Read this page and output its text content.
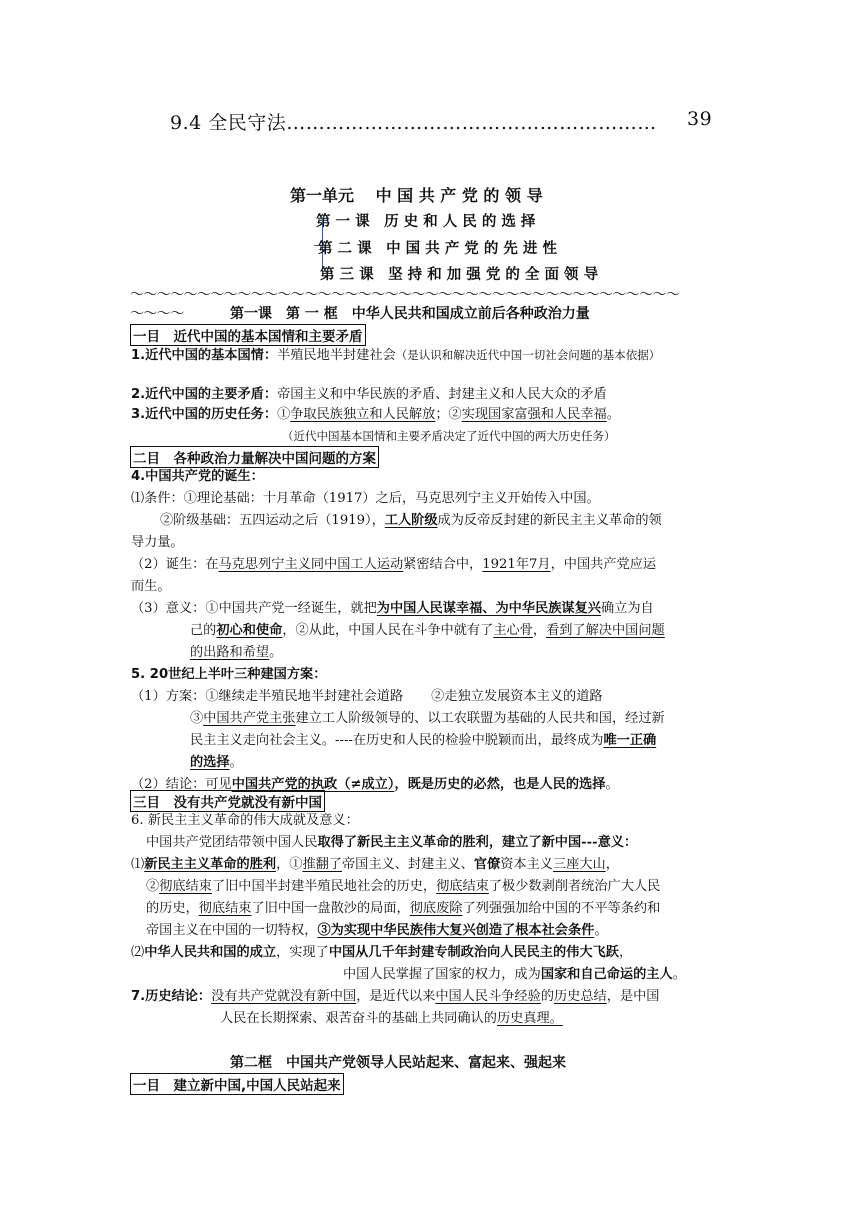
9.4 全民守法………………………………………………… 39
第一单元　 中 国 共 产 党 的 领 导
第 一 课　历 史 和 人 民 的 选 择
第 二 课　中 国 共 产 党 的 先 进 性
第 三 课　坚 持 和 加 强 党 的 全 面 领 导
～～～～～～～～～～～～～～～～～～～～～～～～～～～～～～～～～～～～～～～～～
～～～～	第一课　第 一 框　中华人民共和国成立前后各种政治力量
一目　近代中国的基本国情和主要矛盾
1.近代中国的基本国情：半殖民地半封建社会（是认识和解决近代中国一切社会问题的基本依据）
2.近代中国的主要矛盾：帝国主义和中华民族的矛盾、封建主义和人民大众的矛盾
3.近代中国的历史任务：①争取民族独立和人民解放；②实现国家富强和人民幸福。
（近代中国基本国情和主要矛盾决定了近代中国的两大历史任务）
二目　各种政治力量解决中国问题的方案
4.中国共产党的诞生：
⑴条件：①理论基础：十月革命（1917）之后，马克思列宁主义开始传入中国。
②阶级基础：五四运动之后（1919），工人阶级成为反帝反封建的新民主主义革命的领
导力量。
（2）诞生：在马克思列宁主义同中国工人运动紧密结合中，1921年7月，中国共产党应运
而生。
（3）意义：①中国共产党一经诞生，就把为中国人民谋幸福、为中华民族谋复兴确立为自
己的初心和使命，②从此，中国人民在斗争中就有了主心骨，看到了解决中国问题
的出路和希望。
5. 20世纪上半叶三种建国方案：
（1）方案：①继续走半殖民地半封建社会道路 ②走独立发展资本主义的道路
③中国共产党主张建立工人阶级领导的、以工农联盟为基础的人民共和国，经过新
民主主义走向社会主义。----在历史和人民的检验中脱颖而出，最终成为唯一正确
的选择。
（2）结论：可见中国共产党的执政（≠成立），既是历史的必然，也是人民的选择。
三目　没有共产党就没有新中国
6. 新民主主义革命的伟大成就及意义：
中国共产党团结带领中国人民取得了新民主主义革命的胜利，建立了新中国---意义：
⑴新民主主义革命的胜利，①推翻了帝国主义、封建主义、官僚资本主义三座大山，
②彻底结束了旧中国半封建半殖民地社会的历史，彻底结束了极少数剥削者统治广大人民
的历史，彻底结束了旧中国一盘散沙的局面，彻底废除了列强强加给中国的不平等条约和
帝国主义在中国的一切特权，③为实现中华民族伟大复兴创造了根本社会条件。
⑵中华人民共和国的成立，实现了中国从几千年封建专制政治向人民民主的伟大飞跃，
中国人民掌握了国家的权力，成为国家和自己命运的主人。
7.历史结论：没有共产党就没有新中国，是近代以来中国人民斗争经验的历史总结，是中国
人民在长期探索、艰苦奋斗的基础上共同确认的历史真理。
第二框　中国共产党领导人民站起来、富起来、强起来
一目　建立新中国,中国人民站起来
